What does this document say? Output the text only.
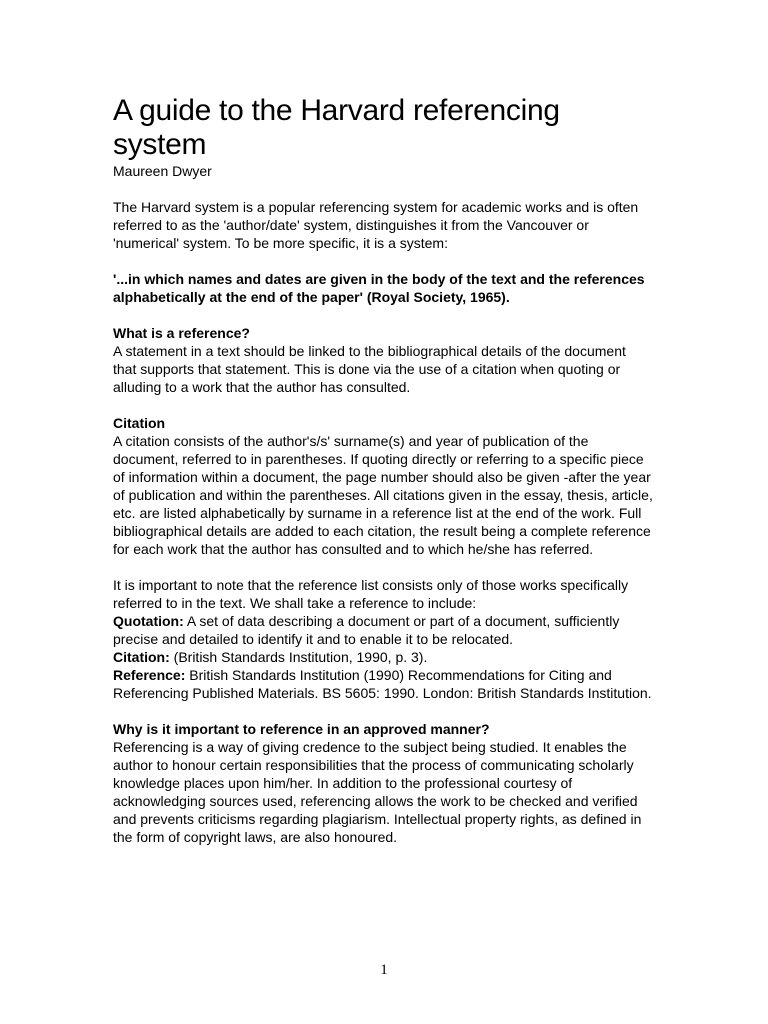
A guide to the Harvard referencing system

Maureen Dwyer

The Harvard system is a popular referencing system for academic works and is often referred to as the 'author/date' system, distinguishes it from the Vancouver or 'numerical' system. To be more specific, it is a system:

'...in which names and dates are given in the body of the text and the references alphabetically at the end of the paper' (Royal Society, 1965).

What is a reference?

A statement in a text should be linked to the bibliographical details of the document that supports that statement. This is done via the use of a citation when quoting or alluding to a work that the author has consulted.

Citation

A citation consists of the author's/s' surname(s) and year of publication of the document, referred to in parentheses. If quoting directly or referring to a specific piece of information within a document, the page number should also be given -after the year of publication and within the parentheses. All citations given in the essay, thesis, article, etc. are listed alphabetically by surname in a reference list at the end of the work. Full bibliographical details are added to each citation, the result being a complete reference for each work that the author has consulted and to which he/she has referred.

It is important to note that the reference list consists only of those works specifically referred to in the text. We shall take a reference to include:

Quotation: A set of data describing a document or part of a document, sufficiently precise and detailed to identify it and to enable it to be relocated.

Citation: (British Standards Institution, 1990, p. 3).

Reference: British Standards Institution (1990) Recommendations for Citing and Referencing Published Materials. BS 5605: 1990. London: British Standards Institution.

Why is it important to reference in an approved manner?

Referencing is a way of giving credence to the subject being studied. It enables the author to honour certain responsibilities that the process of communicating scholarly knowledge places upon him/her. In addition to the professional courtesy of acknowledging sources used, referencing allows the work to be checked and verified and prevents criticisms regarding plagiarism. Intellectual property rights, as defined in the form of copyright laws, are also honoured.

1
